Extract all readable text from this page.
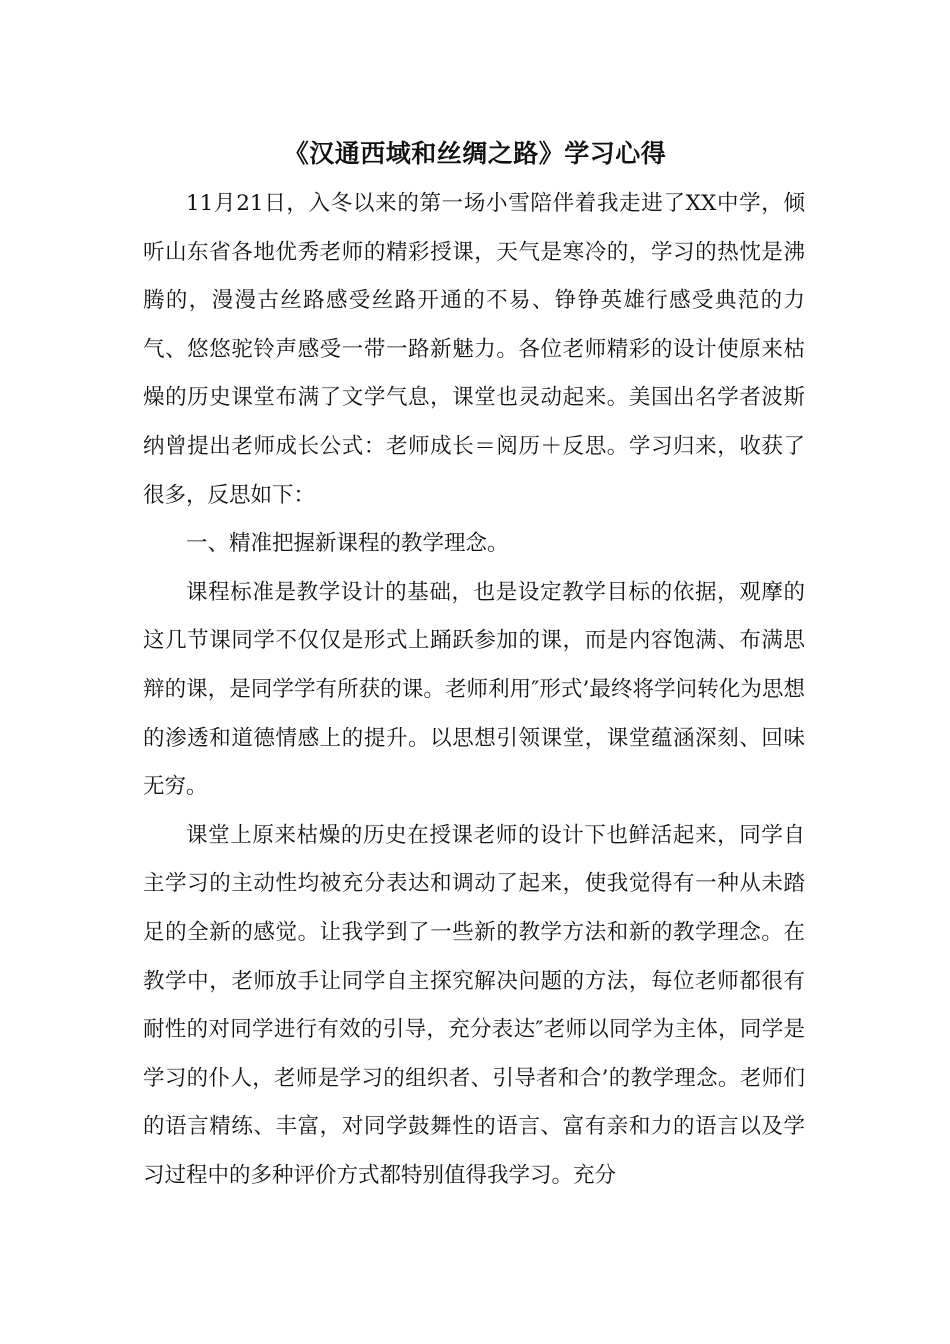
《汉通西域和丝绸之路》学习心得

11月21日，入冬以来的第一场小雪陪伴着我走进了XX中学，倾听山东省各地优秀老师的精彩授课，天气是寒冷的，学习的热忱是沸腾的，漫漫古丝路感受丝路开通的不易、铮铮英雄行感受典范的力气、悠悠驼铃声感受一带一路新魅力。各位老师精彩的设计使原来枯燥的历史课堂布满了文学气息，课堂也灵动起来。美国出名学者波斯纳曾提出老师成长公式：老师成长＝阅历＋反思。学习归来，收获了很多，反思如下：

一、精准把握新课程的教学理念。

课程标准是教学设计的基础，也是设定教学目标的依据，观摩的这几节课同学不仅仅是形式上踊跃参加的课，而是内容饱满、布满思辩的课，是同学学有所获的课。老师利用″形式’最终将学问转化为思想的渗透和道德情感上的提升。以思想引领课堂，课堂蕴涵深刻、回味无穷。

课堂上原来枯燥的历史在授课老师的设计下也鲜活起来，同学自主学习的主动性均被充分表达和调动了起来，使我觉得有一种从未踏足的全新的感觉。让我学到了一些新的教学方法和新的教学理念。在教学中，老师放手让同学自主探究解决问题的方法，每位老师都很有耐性的对同学进行有效的引导，充分表达″老师以同学为主体，同学是学习的仆人，老师是学习的组织者、引导者和合’的教学理念。老师们的语言精练、丰富，对同学鼓舞性的语言、富有亲和力的语言以及学习过程中的多种评价方式都特别值得我学习。充分
